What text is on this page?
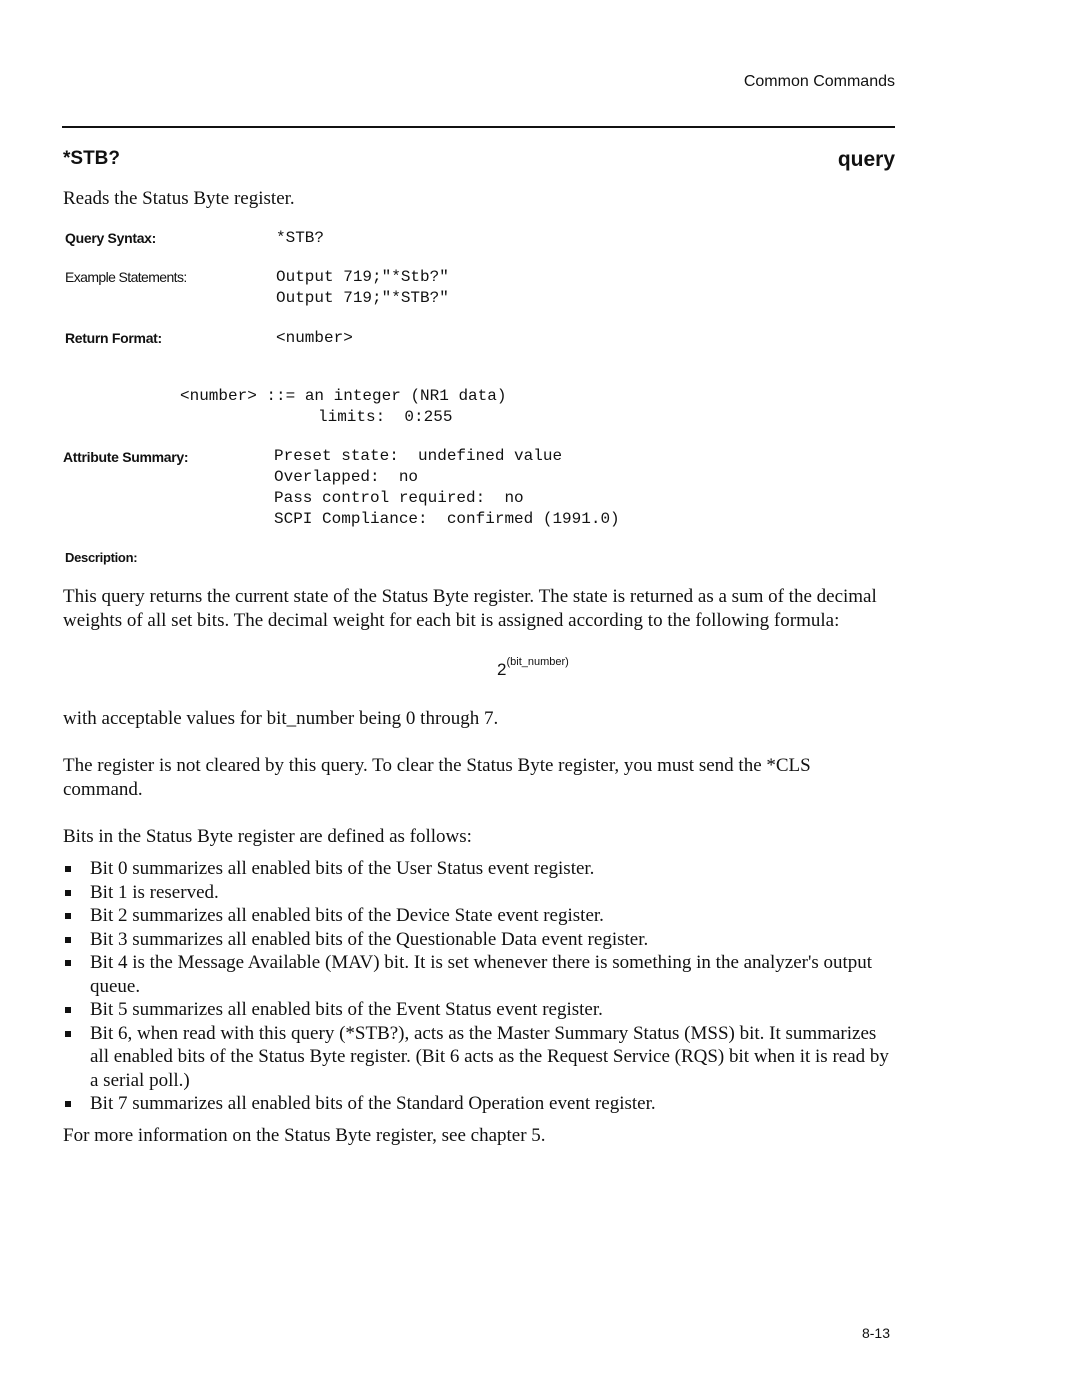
Common Commands
*STB?	query
Reads the Status Byte register.
Query Syntax:	*STB?
Example Statements:	Output 719;"*Stb?"
Output 719;"*STB?"
Return Format:	<number>
<number> ::= an integer (NR1 data)
limits:  0:255
Attribute Summary:	Preset state:  undefined value
Overlapped:  no
Pass control required:  no
SCPI Compliance:  confirmed (1991.0)
Description:
This query returns the current state of the Status Byte register. The state is returned as a sum of the decimal weights of all set bits. The decimal weight for each bit is assigned according to the following formula:
$2^{(bit\_number)}$
with acceptable values for bit_number being 0 through 7.
The register is not cleared by this query. To clear the Status Byte register, you must send the *CLS command.
Bits in the Status Byte register are defined as follows:
Bit 0 summarizes all enabled bits of the User Status event register.
Bit 1 is reserved.
Bit 2 summarizes all enabled bits of the Device State event register.
Bit 3 summarizes all enabled bits of the Questionable Data event register.
Bit 4 is the Message Available (MAV) bit. It is set whenever there is something in the analyzer's output queue.
Bit 5 summarizes all enabled bits of the Event Status event register.
Bit 6, when read with this query (*STB?), acts as the Master Summary Status (MSS) bit. It summarizes all enabled bits of the Status Byte register. (Bit 6 acts as the Request Service (RQS) bit when it is read by a serial poll.)
Bit 7 summarizes all enabled bits of the Standard Operation event register.
For more information on the Status Byte register, see chapter 5.
8-13
